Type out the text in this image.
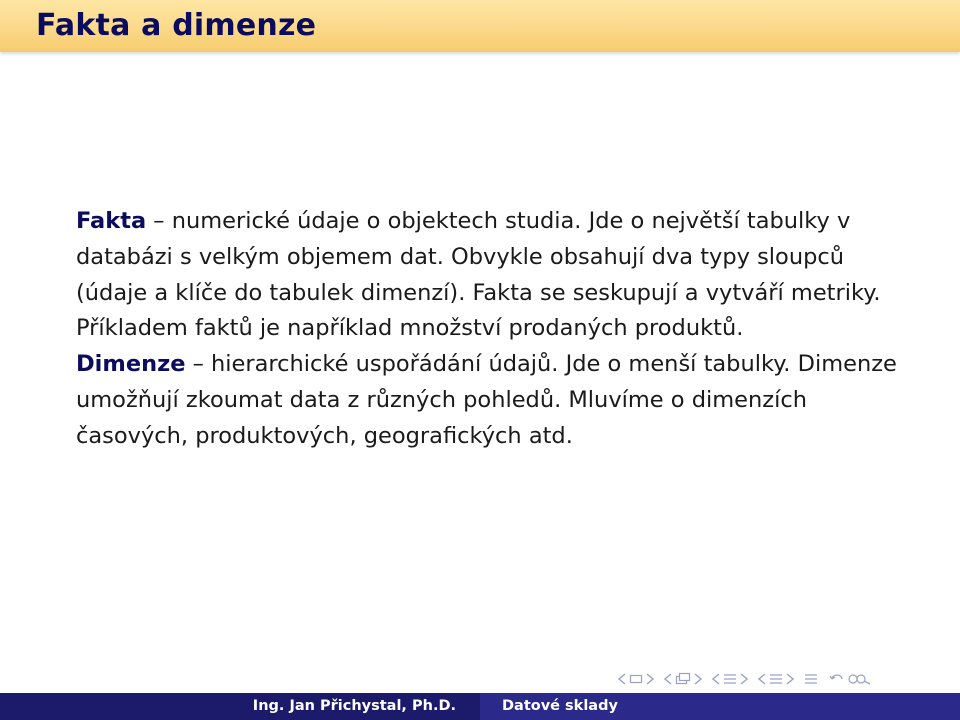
Fakta a dimenze

Fakta – numerické údaje o objektech studia. Jde o největší tabulky v databázi s velkým objemem dat. Obvykle obsahují dva typy sloupců (údaje a klíče do tabulek dimenzí). Fakta se seskupují a vytváří metriky. Příkladem faktů je například množství prodaných produktů.

Dimenze – hierarchické uspořádání údajů. Jde o menší tabulky. Dimenze umožňují zkoumat data z různých pohledů. Mluvíme o dimenzích časových, produktových, geografických atd.

Ing. Jan Přichystal, Ph.D.	Datové sklady
